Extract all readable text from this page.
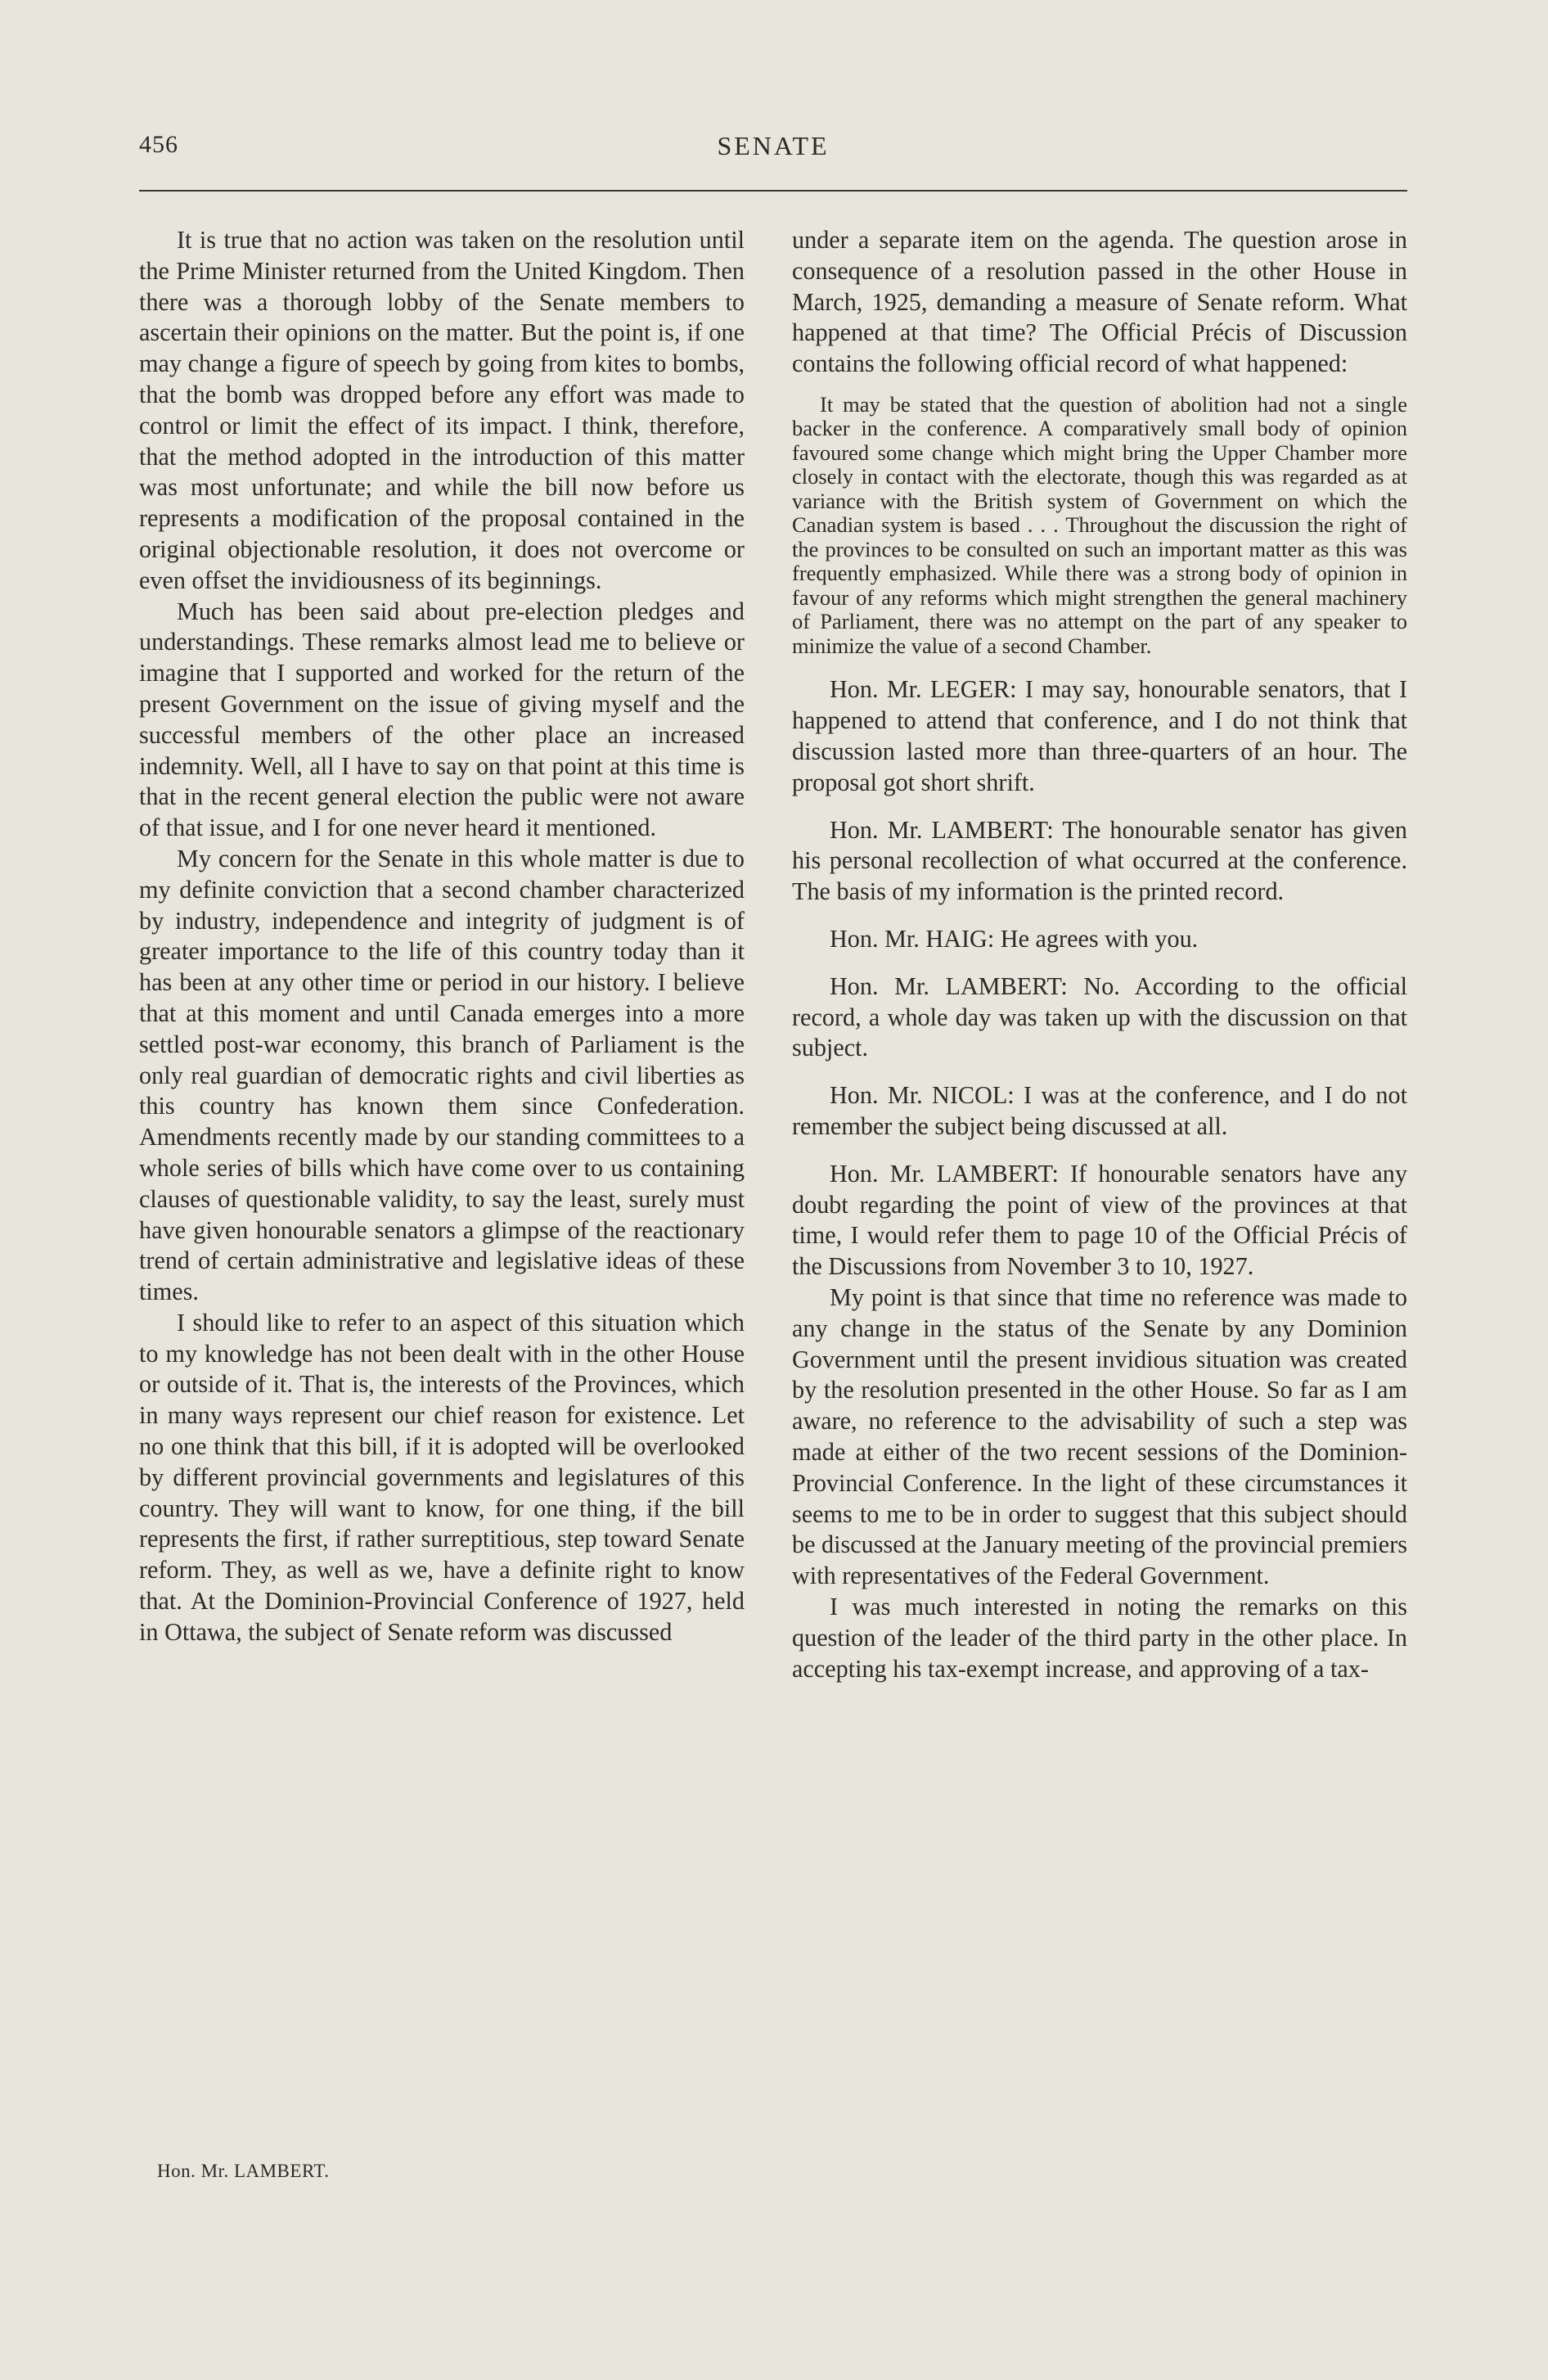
456	SENATE

It is true that no action was taken on the resolution until the Prime Minister returned from the United Kingdom. Then there was a thorough lobby of the Senate members to ascertain their opinions on the matter. But the point is, if one may change a figure of speech by going from kites to bombs, that the bomb was dropped before any effort was made to control or limit the effect of its impact. I think, therefore, that the method adopted in the introduction of this matter was most unfortunate; and while the bill now before us represents a modification of the proposal contained in the original objectionable resolution, it does not overcome or even offset the invidiousness of its beginnings.

Much has been said about pre-election pledges and understandings. These remarks almost lead me to believe or imagine that I supported and worked for the return of the present Government on the issue of giving myself and the successful members of the other place an increased indemnity. Well, all I have to say on that point at this time is that in the recent general election the public were not aware of that issue, and I for one never heard it mentioned.

My concern for the Senate in this whole matter is due to my definite conviction that a second chamber characterized by industry, independence and integrity of judgment is of greater importance to the life of this country today than it has been at any other time or period in our history. I believe that at this moment and until Canada emerges into a more settled post-war economy, this branch of Parliament is the only real guardian of democratic rights and civil liberties as this country has known them since Confederation. Amendments recently made by our standing committees to a whole series of bills which have come over to us containing clauses of questionable validity, to say the least, surely must have given honourable senators a glimpse of the reactionary trend of certain administrative and legislative ideas of these times.

I should like to refer to an aspect of this situation which to my knowledge has not been dealt with in the other House or outside of it. That is, the interests of the Provinces, which in many ways represent our chief reason for existence. Let no one think that this bill, if it is adopted will be overlooked by different provincial governments and legislatures of this country. They will want to know, for one thing, if the bill represents the first, if rather surreptitious, step toward Senate reform. They, as well as we, have a definite right to know that. At the Dominion-Provincial Conference of 1927, held in Ottawa, the subject of Senate reform was discussed

under a separate item on the agenda. The question arose in consequence of a resolution passed in the other House in March, 1925, demanding a measure of Senate reform. What happened at that time? The Official Précis of Discussion contains the following official record of what happened:

It may be stated that the question of abolition had not a single backer in the conference. A comparatively small body of opinion favoured some change which might bring the Upper Chamber more closely in contact with the electorate, though this was regarded as at variance with the British system of Government on which the Canadian system is based . . . Throughout the discussion the right of the provinces to be consulted on such an important matter as this was frequently emphasized. While there was a strong body of opinion in favour of any reforms which might strengthen the general machinery of Parliament, there was no attempt on the part of any speaker to minimize the value of a second Chamber.

Hon. Mr. LEGER: I may say, honourable senators, that I happened to attend that conference, and I do not think that discussion lasted more than three-quarters of an hour. The proposal got short shrift.

Hon. Mr. LAMBERT: The honourable senator has given his personal recollection of what occurred at the conference. The basis of my information is the printed record.

Hon. Mr. HAIG: He agrees with you.

Hon. Mr. LAMBERT: No. According to the official record, a whole day was taken up with the discussion on that subject.

Hon. Mr. NICOL: I was at the conference, and I do not remember the subject being discussed at all.

Hon. Mr. LAMBERT: If honourable senators have any doubt regarding the point of view of the provinces at that time, I would refer them to page 10 of the Official Précis of the Discussions from November 3 to 10, 1927.

My point is that since that time no reference was made to any change in the status of the Senate by any Dominion Government until the present invidious situation was created by the resolution presented in the other House. So far as I am aware, no reference to the advisability of such a step was made at either of the two recent sessions of the Dominion-Provincial Conference. In the light of these circumstances it seems to me to be in order to suggest that this subject should be discussed at the January meeting of the provincial premiers with representatives of the Federal Government.

I was much interested in noting the remarks on this question of the leader of the third party in the other place. In accepting his tax-exempt increase, and approving of a tax-

Hon. Mr. LAMBERT.
